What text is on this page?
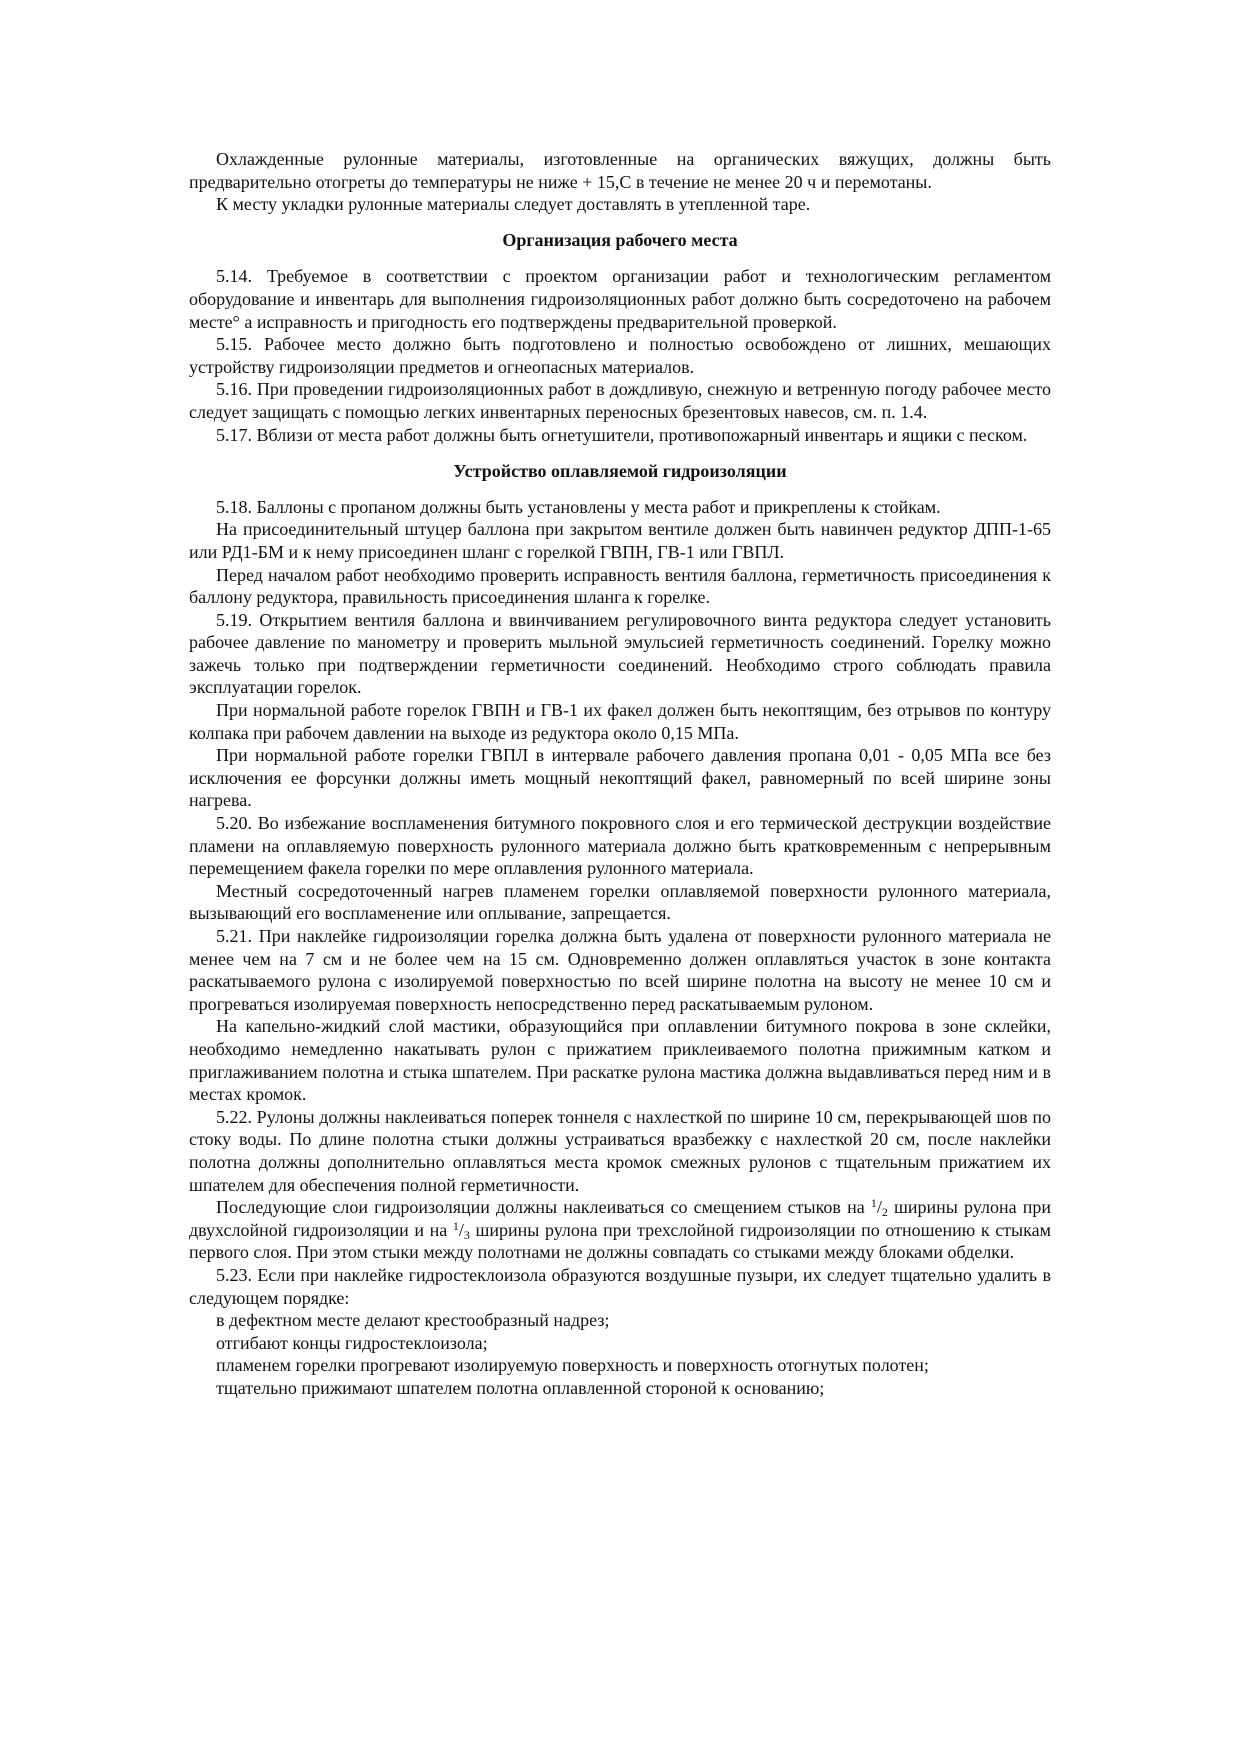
Охлажденные рулонные материалы, изготовленные на органических вяжущих, должны быть предварительно отогреты до температуры не ниже + 15,С в течение не менее 20 ч и перемотаны.

К месту укладки рулонные материалы следует доставлять в утепленной таре.

Организация рабочего места

5.14. Требуемое в соответствии с проектом организации работ и технологическим регламентом оборудование и инвентарь для выполнения гидроизоляционных работ должно быть сосредоточено на рабочем месте° а исправность и пригодность его подтверждены предварительной проверкой.

5.15. Рабочее место должно быть подготовлено и полностью освобождено от лишних, мешающих устройству гидроизоляции предметов и огнеопасных материалов.

5.16. При проведении гидроизоляционных работ в дождливую, снежную и ветренную погоду рабочее место следует защищать с помощью легких инвентарных переносных брезентовых навесов, см. п. 1.4.

5.17. Вблизи от места работ должны быть огнетушители, противопожарный инвентарь и ящики с песком.

Устройство оплавляемой гидроизоляции

5.18. Баллоны с пропаном должны быть установлены у места работ и прикреплены к стойкам.

На присоединительный штуцер баллона при закрытом вентиле должен быть навинчен редуктор ДПП-1-65 или РД1-БМ и к нему присоединен шланг с горелкой ГВПН, ГВ-1 или ГВПЛ.

Перед началом работ необходимо проверить исправность вентиля баллона, герметичность присоединения к баллону редуктора, правильность присоединения шланга к горелке.

5.19. Открытием вентиля баллона и ввинчиванием регулировочного винта редуктора следует установить рабочее давление по манометру и проверить мыльной эмульсией герметичность соединений. Горелку можно зажечь только при подтверждении герметичности соединений. Необходимо строго соблюдать правила эксплуатации горелок.

При нормальной работе горелок ГВПН и ГВ-1 их факел должен быть некоптящим, без отрывов по контуру колпака при рабочем давлении на выходе из редуктора около 0,15 МПа.

При нормальной работе горелки ГВПЛ в интервале рабочего давления пропана 0,01 - 0,05 МПа все без исключения ее форсунки должны иметь мощный некоптящий факел, равномерный по всей ширине зоны нагрева.

5.20. Во избежание воспламенения битумного покровного слоя и его термической деструкции воздействие пламени на оплавляемую поверхность рулонного материала должно быть кратковременным с непрерывным перемещением факела горелки по мере оплавления рулонного материала.

Местный сосредоточенный нагрев пламенем горелки оплавляемой поверхности рулонного материала, вызывающий его воспламенение или оплывание, запрещается.

5.21. При наклейке гидроизоляции горелка должна быть удалена от поверхности рулонного материала не менее чем на 7 см и не более чем на 15 см. Одновременно должен оплавляться участок в зоне контакта раскатываемого рулона с изолируемой поверхностью по всей ширине полотна на высоту не менее 10 см и прогреваться изолируемая поверхность непосредственно перед раскатываемым рулоном.

На капельно-жидкий слой мастики, образующийся при оплавлении битумного покрова в зоне склейки, необходимо немедленно накатывать рулон с прижатием приклеиваемого полотна прижимным катком и приглаживанием полотна и стыка шпателем. При раскатке рулона мастика должна выдавливаться перед ним и в местах кромок.

5.22. Рулоны должны наклеиваться поперек тоннеля с нахлесткой по ширине 10 см, перекрывающей шов по стоку воды. По длине полотна стыки должны устраиваться вразбежку с нахлесткой 20 см, после наклейки полотна должны дополнительно оплавляться места кромок смежных рулонов с тщательным прижатием их шпателем для обеспечения полной герметичности.

Последующие слои гидроизоляции должны наклеиваться со смещением стыков на $^1/_2$ ширины рулона при двухслойной гидроизоляции и на $^1/_3$ ширины рулона при трехслойной гидроизоляции по отношению к стыкам первого слоя. При этом стыки между полотнами не должны совпадать со стыками между блоками обделки.

5.23. Если при наклейке гидростеклоизола образуются воздушные пузыри, их следует тщательно удалить в следующем порядке:

в дефектном месте делают крестообразный надрез;

отгибают концы гидростеклоизола;

пламенем горелки прогревают изолируемую поверхность и поверхность отогнутых полотен;

тщательно прижимают шпателем полотна оплавленной стороной к основанию;
